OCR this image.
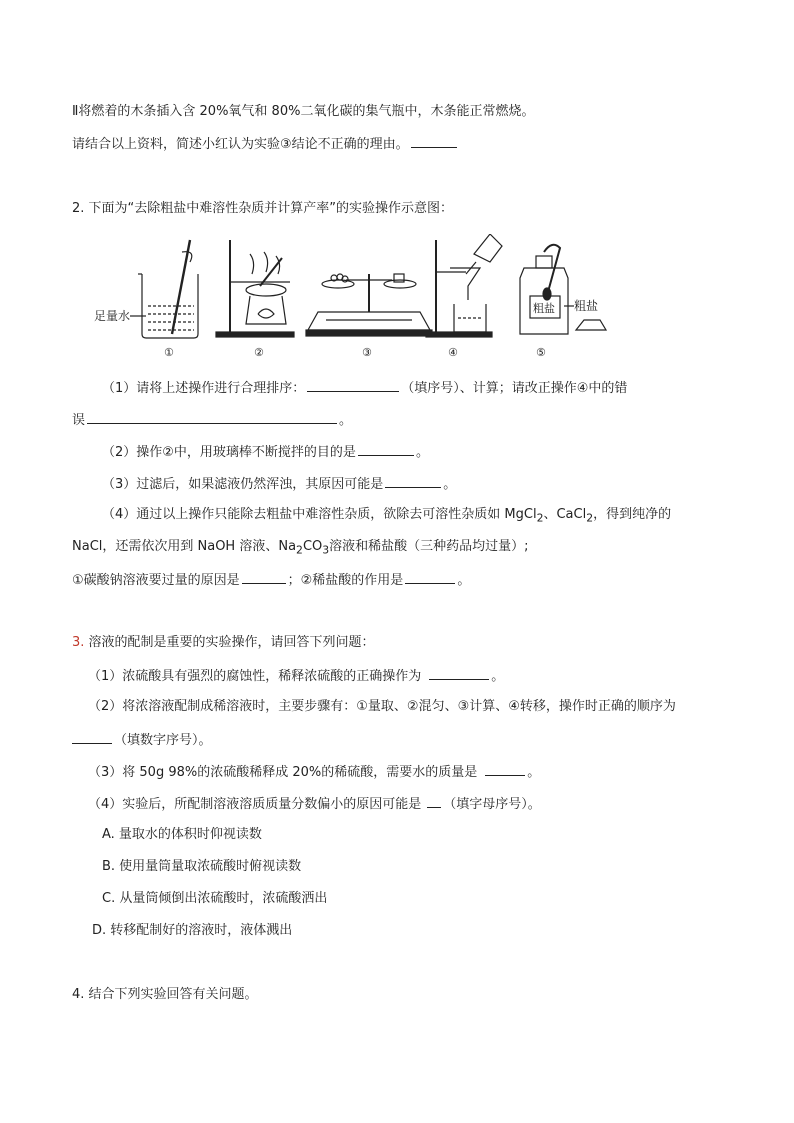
Ⅱ将燃着的木条插入含 20%氧气和 80%二氧化碳的集气瓶中，木条能正常燃烧。
请结合以上资料，简述小红认为实验③结论不正确的理由。
2. 下面为“去除粗盐中难溶性杂质并计算产率”的实验操作示意图：
足量水
①	②	③	④
粗盐 粗盐
⑤
（1）请将上述操作进行合理排序：	（填序号）、计算；请改正操作④中的错
误	。
（2）操作②中，用玻璃棒不断搅拌的目的是	。
（3）过滤后，如果滤液仍然浑浊，其原因可能是	。
（4）通过以上操作只能除去粗盐中难溶性杂质，欲除去可溶性杂质如 MgCl$_2$、CaCl$_2$，得到纯净的
NaCl，还需依次用到 NaOH 溶液、$Na_2CO_3$溶液和稀盐酸（三种药品均过量）;
①碳酸钠溶液要过量的原因是	；②稀盐酸的作用是	。
3. 溶液的配制是重要的实验操作，请回答下列问题：
（1）浓硫酸具有强烈的腐蚀性，稀释浓硫酸的正确操作为	。
（2）将浓溶液配制成稀溶液时，主要步骤有：①量取、②混匀、③计算、④转移，操作时正确的顺序为
（填数字序号）。
（3）将 50g 98%的浓硫酸稀释成 20%的稀硫酸，需要水的质量是	。
（4）实验后，所配制溶液溶质质量分数偏小的原因可能是 （填字母序号）。
A. 量取水的体积时仰视读数
B. 使用量筒量取浓硫酸时俯视读数
C. 从量筒倾倒出浓硫酸时，浓硫酸洒出
D. 转移配制好的溶液时，液体溅出
4. 结合下列实验回答有关问题。
